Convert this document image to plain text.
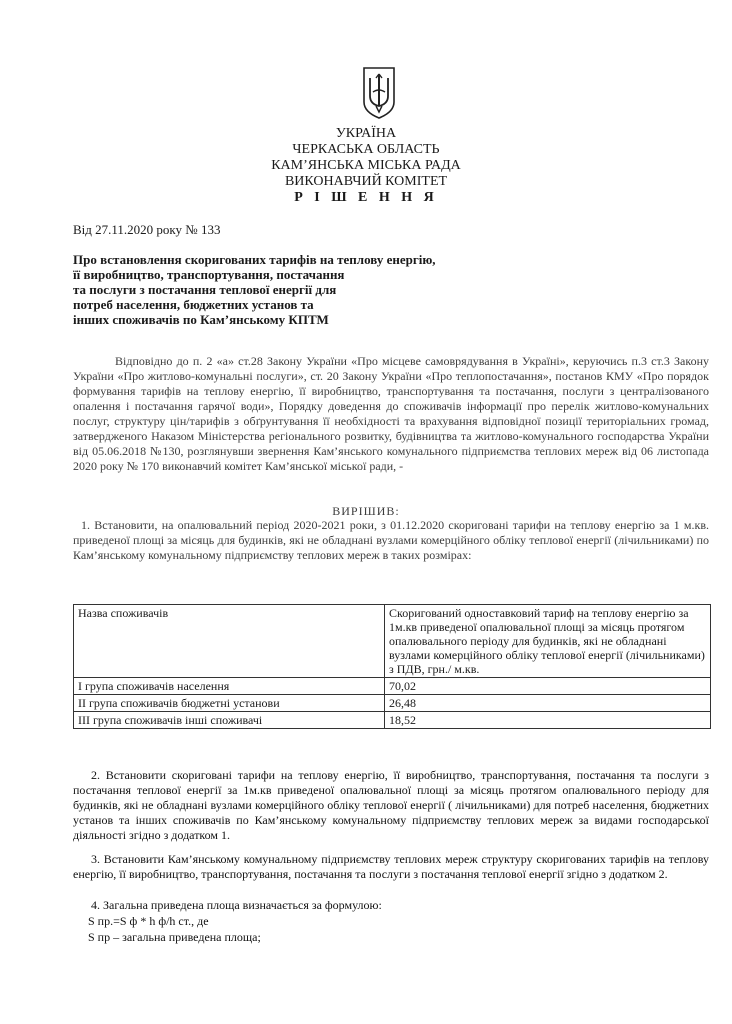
УКРАЇНА
ЧЕРКАСЬКА ОБЛАСТЬ
КАМ’ЯНСЬКА МІСЬКА РАДА
ВИКОНАВЧИЙ КОМІТЕТ
Р І Ш Е Н Н Я
Від 27.11.2020 року № 133
Про встановлення скоригованих тарифів на теплову енергію,
її виробництво, транспортування, постачання
та послуги з постачання теплової енергії для
потреб населення, бюджетних установ та
інших споживачів по Кам’янському КПТМ
Відповідно до п. 2 «а» ст.28 Закону України «Про місцеве самоврядування в Україні», керуючись п.3 ст.3 Закону України «Про житлово-комунальні послуги», ст. 20 Закону України «Про теплопостачання», постанов КМУ «Про порядок формування тарифів на теплову енергію, її виробництво, транспортування та постачання, послуги з централізованого опалення і постачання гарячої води», Порядку доведення до споживачів інформації про перелік житлово-комунальних послуг, структуру цін/тарифів з обґрунтування її необхідності та врахування відповідної позиції територіальних громад, затвердженого Наказом Міністерства регіонального розвитку, будівництва та житлово-комунального господарства України від 05.06.2018 №130, розглянувши звернення Кам’янського комунального підприємства теплових мереж від 06 листопада 2020 року № 170 виконавчий комітет Кам’янської міської ради, -
ВИРІШИВ:
1. Встановити, на опалювальний період 2020-2021 роки, з 01.12.2020 скориговані тарифи на теплову енергію за 1 м.кв. приведеної площі за місяць для будинків, які не обладнані вузлами комерційного обліку теплової енергії (лічильниками) по Кам’янському комунальному підприємству теплових мереж в таких розмірах:
Назва споживачів	Скоригований одноставковий тариф на теплову енергію за 1м.кв приведеної опалювальної площі за місяць протягом опалювального періоду для будинків, які не обладнані вузлами комерційного обліку теплової енергії (лічильниками) з ПДВ, грн./ м.кв.
І група споживачів населення	70,02
ІІ група споживачів бюджетні установи	26,48
ІІІ група споживачів інші споживачі	18,52
2. Встановити скориговані тарифи на теплову енергію, її виробництво, транспортування, постачання та послуги з постачання теплової енергії за 1м.кв приведеної опалювальної площі за місяць протягом опалювального періоду для будинків, які не обладнані вузлами комерційного обліку теплової енергії ( лічильниками) для потреб населення, бюджетних установ та інших споживачів по Кам’янському комунальному підприємству теплових мереж за видами господарської діяльності згідно з додатком 1.
3. Встановити Кам’янському комунальному підприємству теплових мереж структуру скоригованих тарифів на теплову енергію, її виробництво, транспортування, постачання та послуги з постачання теплової енергії згідно з додатком 2.
4. Загальна приведена площа визначається за формулою:
S пр.=S ф * h ф/h ст., де
S пр – загальна приведена площа;
